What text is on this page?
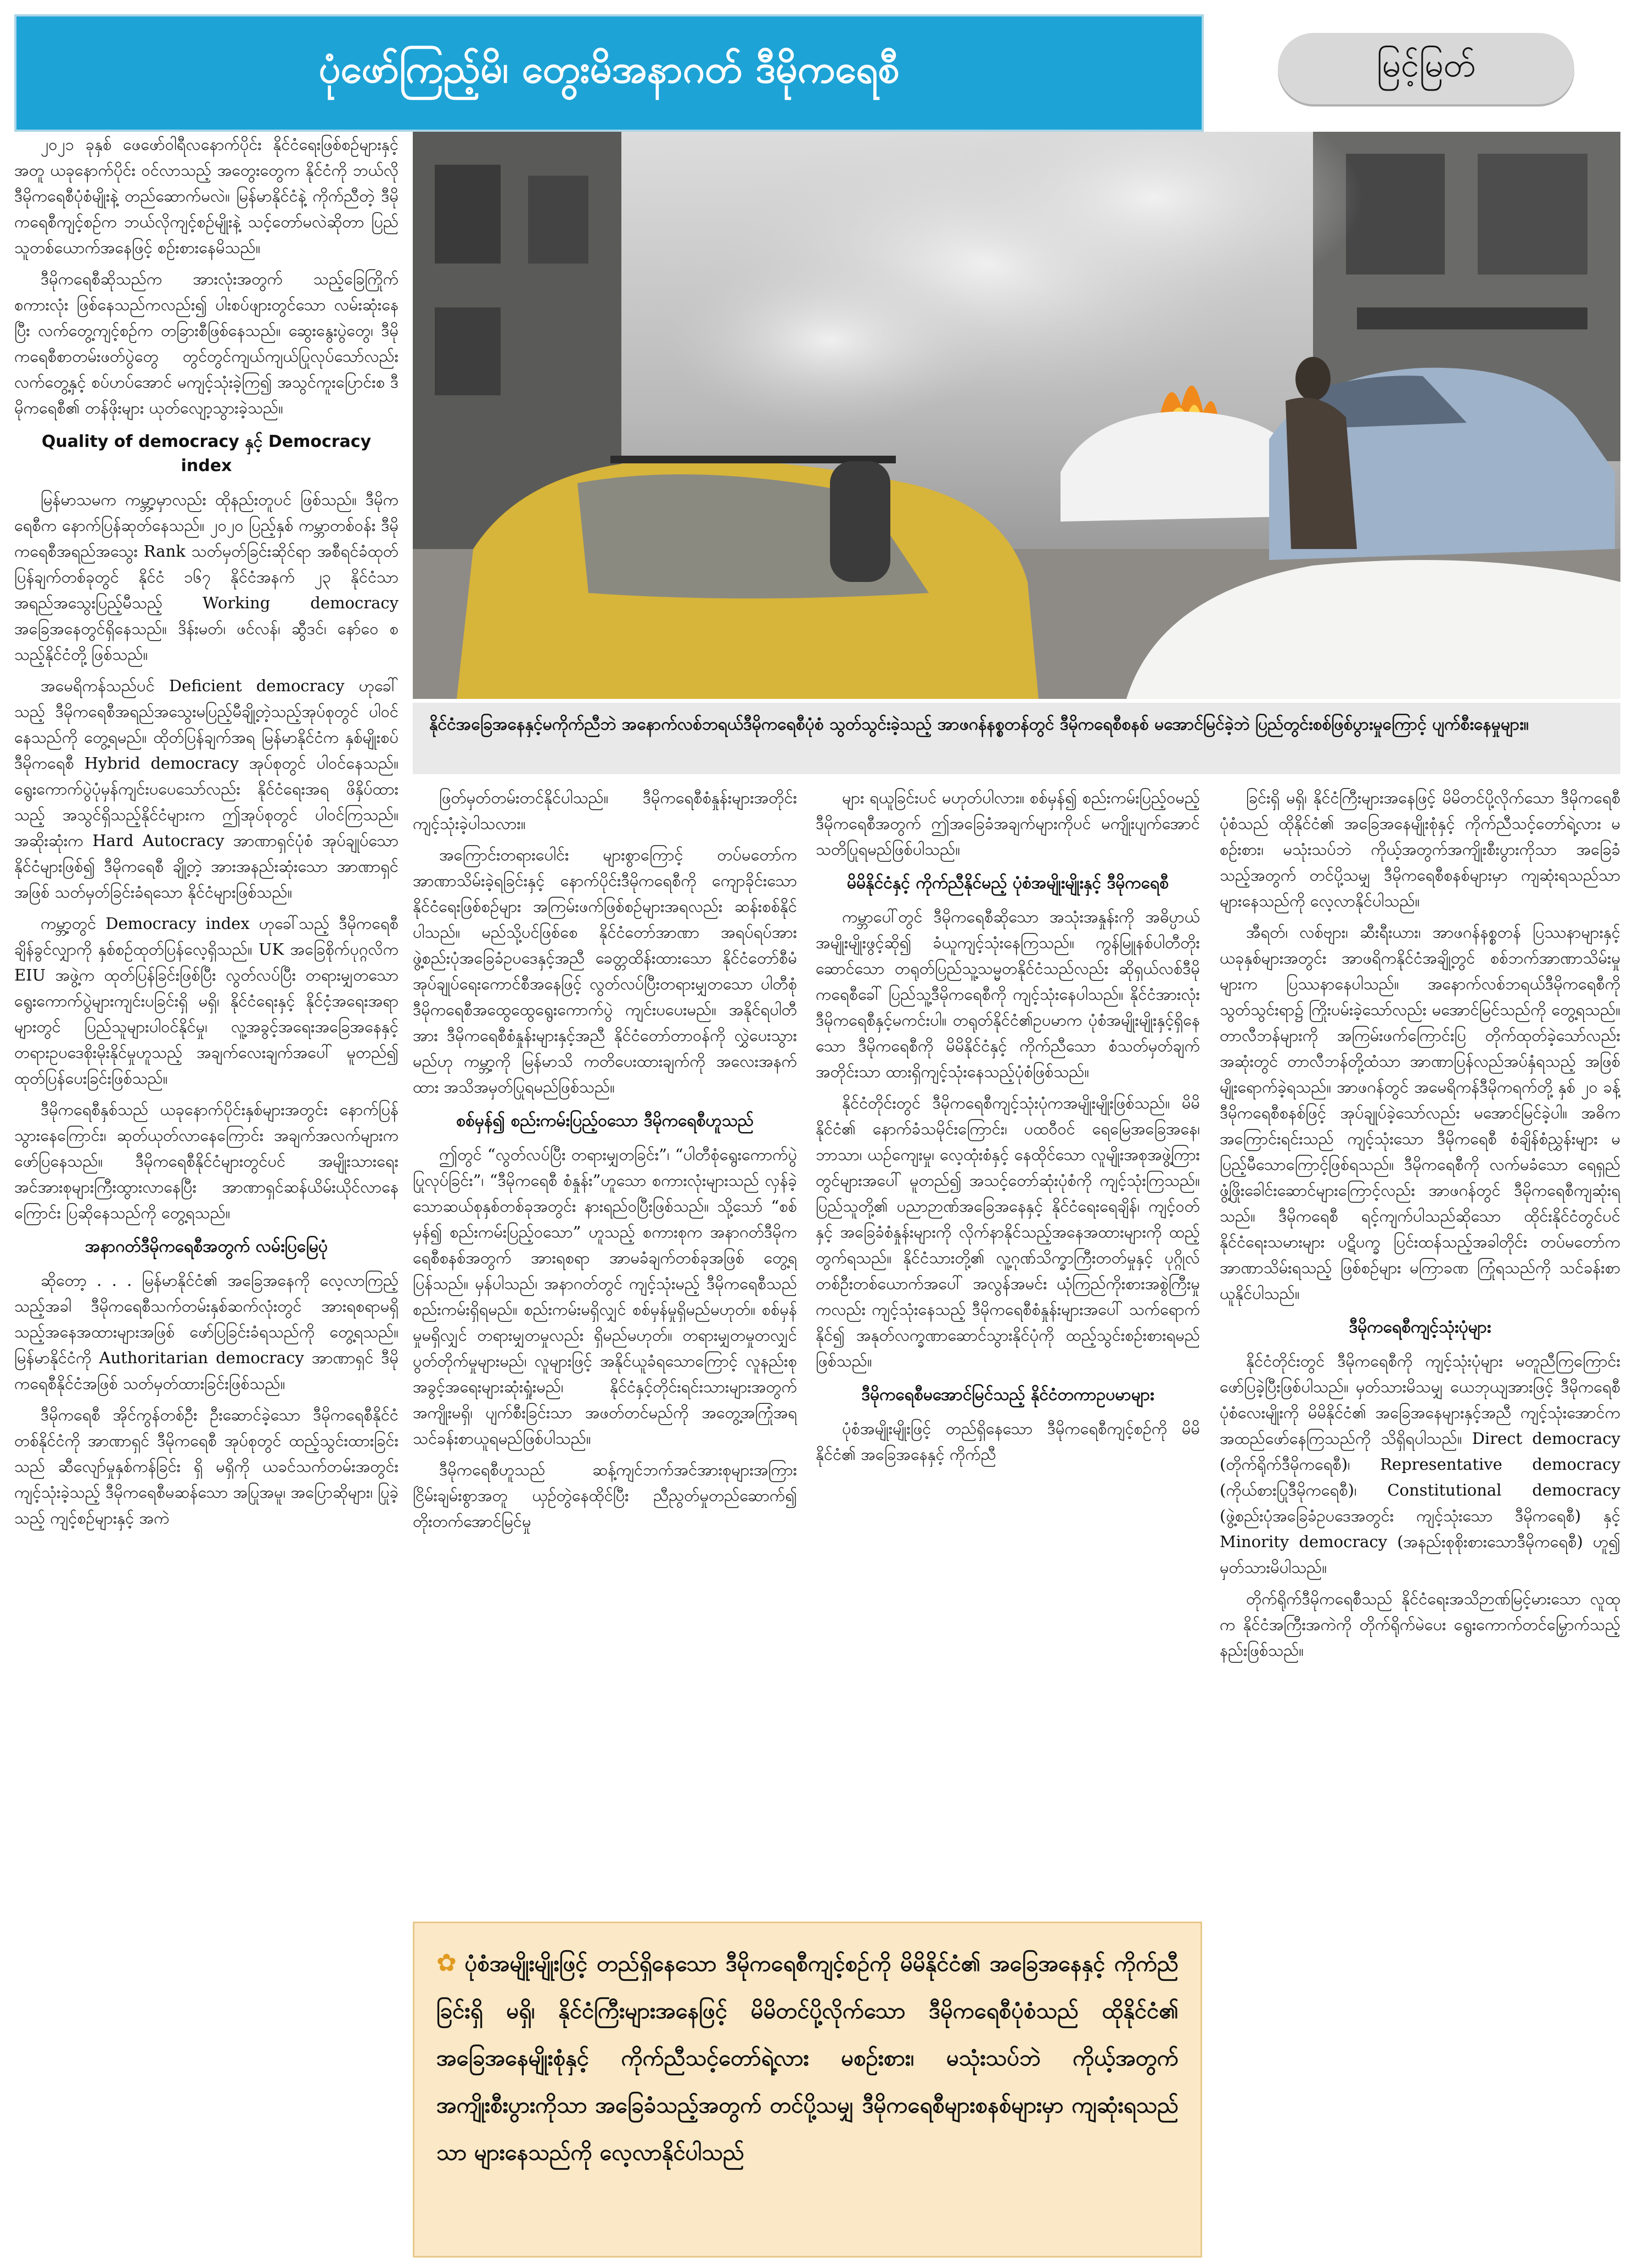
ပုံဖော်ကြည့်မိ၊ တွေးမိအနာဂတ် ဒီမိုကရေစီ	မြင့်မြတ်

၂၀၂၁ ခုနှစ် ဖေဖော်ဝါရီလနောက်ပိုင်း နိုင်ငံရေးဖြစ်စဉ်များနှင့်အတူ ယခုနောက်ပိုင်း ဝင်လာသည့် အတွေးတွေက နိုင်ငံကို ဘယ်လိုဒီမိုကရေစီပုံစံမျိုးနဲ့ တည်ဆောက်မလဲ။ မြန်မာနိုင်ငံနဲ့ ကိုက်ညီတဲ့ ဒီမိုကရေစီကျင့်စဉ်က ဘယ်လိုကျင့်စဉ်မျိုးနဲ့ သင့်တော်မလဲဆိုတာ ပြည်သူတစ်ယောက်အနေဖြင့် စဉ်းစားနေမိသည်။

ဒီမိုကရေစီဆိုသည်က အားလုံးအတွက် သည့်ခြေကြိုက်စကားလုံး ဖြစ်နေသည်ကလည်း၍ ပါးစပ်ဖျားတွင်သော လမ်းဆုံးနေပြီး လက်တွေ့ကျင့်စဉ်က တခြားစီဖြစ်နေသည်။ ဆွေးနွေးပွဲတွေ၊ ဒီမိုကရေစီစာတမ်းဖတ်ပွဲတွေ တွင်တွင်ကျယ်ကျယ်ပြုလုပ်သော်လည်း လက်တွေ့နှင့် စပ်ဟပ်အောင် မကျင့်သုံးခဲ့ကြ၍ အသွင်ကူးပြောင်းစ ဒီမိုကရေစီ၏ တန်ဖိုးများ ယုတ်လျော့သွားခဲ့သည်။

Quality of democracy နှင့် Democracy index

မြန်မာသမက ကမ္ဘာ့မှာလည်း ထိုနည်းတူပင် ဖြစ်သည်။ ဒီမိုကရေစီက နောက်ပြန်ဆုတ်နေသည်။ ၂၀၂၀ ပြည့်နှစ် ကမ္ဘာတစ်ဝန်း ဒီမိုကရေစီအရည်အသွေး Rank သတ်မှတ်ခြင်းဆိုင်ရာ အစီရင်ခံထုတ်ပြန်ချက်တစ်ခုတွင် နိုင်ငံ ၁၆၇ နိုင်ငံအနက် ၂၃ နိုင်ငံသာ အရည်အသွေးပြည့်မီသည့် Working democracy အခြေအနေတွင်ရှိနေသည်။ ဒိန်းမတ်၊ ဖင်လန်၊ ဆွီဒင်၊ နော်ဝေ စသည့်နိုင်ငံတို့ ဖြစ်သည်။

အမေရိကန်သည်ပင် Deficient democracy ဟုခေါ်သည့် ဒီမိုကရေစီအရည်အသွေးမပြည့်မီချို့တဲ့သည့်အုပ်စုတွင် ပါဝင်နေသည်ကို တွေ့ရမည်။ ထိုတ်ပြန်ချက်အရ မြန်မာနိုင်ငံက နှစ်မျိုးစပ် ဒီမိုကရေစီ Hybrid democracy အုပ်စုတွင် ပါဝင်နေသည်။ ရွေးကောက်ပွဲပုံမှန်ကျင်းပပေသော်လည်း နိုင်ငံရေးအရ ဖိနှိပ်ထားသည့် အသွင်ရှိသည့်နိုင်ငံများက ဤအုပ်စုတွင် ပါဝင်ကြသည်။ အဆိုးဆုံးက Hard Autocracy အာဏာရှင်ပုံစံ အုပ်ချုပ်သောနိုင်ငံများဖြစ်၍ ဒီမိုကရေစီ ချို့တဲ့ အားအနည်းဆုံးသော အာဏာရှင်အဖြစ် သတ်မှတ်ခြင်းခံရသော နိုင်ငံများဖြစ်သည်။

ကမ္ဘာ့တွင် Democracy index ဟုခေါ်သည့် ဒီမိုကရေစီချိန်ခွင်လျှာကို နှစ်စဉ်ထုတ်ပြန်လေ့ရှိသည်။ UK အခြေစိုက်ပုဂ္ဂလိက EIU အဖွဲ့က ထုတ်ပြန်ခြင်းဖြစ်ပြီး လွတ်လပ်ပြီး တရားမျှတသော ရွေးကောက်ပွဲများကျင်းပခြင်းရှိ မရှိ၊ နိုင်ငံရေးနှင့် နိုင်ငံ့အရေးအရာများတွင် ပြည်သူများပါဝင်နိုင်မှု၊ လူ့အခွင့်အရေးအခြေအနေနှင့် တရားဥပဒေစိုးမိုးနိုင်မှုဟူသည့် အချက်လေးချက်အပေါ် မူတည်၍ ထုတ်ပြန်ပေးခြင်းဖြစ်သည်။

ဒီမိုကရေစီနှစ်သည် ယခုနောက်ပိုင်းနှစ်များအတွင်း နောက်ပြန်သွားနေကြောင်း၊ ဆုတ်ယုတ်လာနေကြောင်း အချက်အလက်များက ဖော်ပြနေသည်။ ဒီမိုကရေစီနိုင်ငံများတွင်ပင် အမျိုးသားရေးအင်အားစုများကြီးထွားလာနေပြီး အာဏာရှင်ဆန်ယိမ်းယိုင်လာနေကြောင်း ပြဆိုနေသည်ကို တွေ့ရသည်။

အနာဂတ်ဒီမိုကရေစီအတွက် လမ်းပြမြေပုံ

ဆိုတော့ . . . မြန်မာနိုင်ငံ၏ အခြေအနေကို လေ့လာကြည့်သည့်အခါ ဒီမိုကရေစီသက်တမ်းနှစ်ဆက်လုံးတွင် အားရစရာမရှိသည့်အနေအထားများအဖြစ် ဖော်ပြခြင်းခံရသည်ကို တွေ့ရသည်။ မြန်မာနိုင်ငံကို Authoritarian democracy အာဏာရှင် ဒီမိုကရေစီနိုင်ငံအဖြစ် သတ်မှတ်ထားခြင်းဖြစ်သည်။

ဒီမိုကရေစီ အိုင်ကွန်တစ်ဦး ဦးဆောင်ခဲ့သော ဒီမိုကရေစီနိုင်ငံတစ်နိုင်ငံကို အာဏာရှင် ဒီမိုကရေစီ အုပ်စုတွင် ထည့်သွင်းထားခြင်းသည် ဆီလျော်မှုနှစ်ကန်ခြင်း ရှိ မရှိကို ယခင်သက်တမ်းအတွင်း ကျင့်သုံးခဲ့သည့် ဒီမိုကရေစီမဆန်သော အပြုအမူ၊ အပြောဆိုများ၊ ပြုခဲ့သည့် ကျင့်စဉ်များနှင့် အကဲ

နိုင်ငံအခြေအနေနှင့်မကိုက်ညီဘဲ အနောက်လစ်ဘရယ်ဒီမိုကရေစီပုံစံ သွတ်သွင်းခဲ့သည့် အာဖဂန်နစ္စတန်တွင် ဒီမိုကရေစီစနစ် မအောင်မြင်ခဲ့ဘဲ ပြည်တွင်းစစ်ဖြစ်ပွားမှုကြောင့် ပျက်စီးနေမှုများ။

ဖြတ်မှတ်တမ်းတင်နိုင်ပါသည်။ ဒီမိုကရေစီစံနှုန်းများအတိုင်း ကျင့်သုံးခဲ့ပါသလား။

အကြောင်းတရားပေါင်း များစွာကြောင့် တပ်မတော်က အာဏာသိမ်းခဲ့ရခြင်းနှင့် နောက်ပိုင်းဒီမိုကရေစီကို ကျောခိုင်းသော နိုင်ငံရေးဖြစ်စဉ်များ အကြမ်းဖက်ဖြစ်စဉ်များအရလည်း ဆန်းစစ်နိုင်ပါသည်။ မည်သို့ပင်ဖြစ်စေ နိုင်ငံတော်အာဏာ အရပ်ရပ်အား ဖွဲ့စည်းပုံအခြေခံဥပဒေနှင့်အညီ ခေတ္တထိန်းထားသော နိုင်ငံတော်စီမံအုပ်ချုပ်ရေးကောင်စီအနေဖြင့် လွတ်လပ်ပြီးတရားမျှတသော ပါတီစုံဒီမိုကရေစီအထွေထွေရွေးကောက်ပွဲ ကျင်းပပေးမည်။ အနိုင်ရပါတီအား ဒီမိုကရေစီစံနှုန်းများနှင့်အညီ နိုင်ငံတော်တာဝန်ကို လွှဲပေးသွားမည်ဟု ကမ္ဘာ့ကို မြန်မာသိ ကတိပေးထားချက်ကို အလေးအနက်ထား အသိအမှတ်ပြုရမည်ဖြစ်သည်။

စစ်မှန်၍ စည်းကမ်းပြည့်ဝသော ဒီမိုကရေစီဟူသည်

ဤတွင် “လွတ်လပ်ပြီး တရားမျှတခြင်း”၊ “ပါတီစုံရွေးကောက်ပွဲပြုလုပ်ခြင်း”၊ “ဒီမိုကရေစီ စံနှုန်း”ဟူသော စကားလုံးများသည် လှန်ခဲ့သောဆယ်စုနှစ်တစ်ခုအတွင်း နားရည်ဝပြီးဖြစ်သည်။ သို့သော် “စစ်မှန်၍ စည်းကမ်းပြည့်ဝသော” ဟူသည့် စကားစုက အနာဂတ်ဒီမိုကရေစီစနစ်အတွက် အားရစရာ အာမခံချက်တစ်ခုအဖြစ် တွေ့ရပြန်သည်။ မှန်ပါသည်၊ အနာဂတ်တွင် ကျင့်သုံးမည့် ဒီမိုကရေစီသည် စည်းကမ်းရှိရမည်။ စည်းကမ်းမရှိလျှင် စစ်မှန်မှုရှိမည်မဟုတ်။ စစ်မှန်မှုမရှိလျှင် တရားမျှတမှုလည်း ရှိမည်မဟုတ်။ တရားမျှတမှုတလျှင် ပွတ်တိုက်မှုများမည်၊ လူများဖြင့် အနိုင်ယူခံရသောကြောင့် လူနည်းစုအခွင့်အရေးများဆုံးရှုံးမည်၊ နိုင်ငံနှင့်တိုင်းရင်းသားများအတွက် အကျိုးမရှိ၊ ပျက်စီးခြင်းသာ အဖတ်တင်မည်ကို အတွေ့အကြုံအရ သင်ခန်းစာယူရမည်ဖြစ်ပါသည်။

ဒီမိုကရေစီဟူသည် ဆန့်ကျင်ဘက်အင်အားစုများအကြား ငြိမ်းချမ်းစွာအတူ ယှဉ်တွဲနေထိုင်ပြီး ညီညွတ်မှုတည်ဆောက်၍ တိုးတက်အောင်မြင်မှု

များ ရယူခြင်းပင် မဟုတ်ပါလား။ စစ်မှန်၍ စည်းကမ်းပြည့်ဝမည့် ဒီမိုကရေစီအတွက် ဤအခြေခံအချက်များကိုပင် မကျိုးပျက်အောင် သတိပြုရမည်ဖြစ်ပါသည်။

မိမိနိုင်ငံနှင့် ကိုက်ညီနိုင်မည့် ပုံစံအမျိုးမျိုးနှင့် ဒီမိုကရေစီ

ကမ္ဘာပေါ်တွင် ဒီမိုကရေစီဆိုသော အသုံးအနှုန်းကို အဓိပ္ပာယ်အမျိုးမျိုးဖွင့်ဆို၍ ခံယူကျင့်သုံးနေကြသည်။ ကွန်မြူနစ်ပါတီတိုးဆောင်သော တရုတ်ပြည်သူ့သမ္မတနိုင်ငံသည်လည်း ဆိုရှယ်လစ်ဒီမိုကရေစီခေါ် ပြည်သူ့ဒီမိုကရေစီကို ကျင့်သုံးနေပါသည်။ နိုင်ငံအားလုံး ဒီမိုကရေစီနှင့်မကင်းပါ။ တရုတ်နိုင်ငံ၏ဥပမာက ပုံစံအမျိုးမျိုးနှင့်ရှိနေသော ဒီမိုကရေစီကို မိမိနိုင်ငံနှင့် ကိုက်ညီသော စံသတ်မှတ်ချက်အတိုင်းသာ ထားရှိကျင့်သုံးနေသည့်ပုံစံဖြစ်သည်။

နိုင်ငံတိုင်းတွင် ဒီမိုကရေစီကျင့်သုံးပုံကအမျိုးမျိုးဖြစ်သည်။ မိမိနိုင်ငံ၏ နောက်ခံသမိုင်းကြောင်း၊ ပထဝီဝင် ရေမြေအခြေအနေ၊ ဘာသာ၊ ယဉ်ကျေးမှု၊ လေ့ထုံးစံနှင့် နေထိုင်သော လူမျိုးအစုအဖွဲ့ကြားတွင်များအပေါ် မူတည်၍ အသင့်တော်ဆုံးပုံစံကို ကျင့်သုံးကြသည်။ ပြည်သူတို့၏ ပညာဉာဏ်အခြေအနေနှင့် နိုင်ငံရေးရေချိန်၊ ကျင့်ဝတ်နှင့် အခြေခံစံနှုန်းများကို လိုက်နာနိုင်သည့်အနေအထားများကို ထည့်တွက်ရသည်။ နိုင်ငံသားတို့၏ လူ့ဂုဏ်သိက္ခာကြီးတတ်မှုနှင့် ပုဂ္ဂိုလ်တစ်ဦးတစ်ယောက်အပေါ် အလွန်အမင်း ယုံကြည်ကိုးစားအစွဲကြီးမှုကလည်း ကျင့်သုံးနေသည့် ဒီမိုကရေစီစံနှုန်းများအပေါ် သက်ရောက်နိုင်၍ အနုတ်လက္ခဏာဆောင်သွားနိုင်ပုံကို ထည့်သွင်းစဉ်းစားရမည်ဖြစ်သည်။

ဒီမိုကရေစီမအောင်မြင်သည့် နိုင်ငံတကာဥပမာများ

ပုံစံအမျိုးမျိုးဖြင့် တည်ရှိနေသော ဒီမိုကရေစီကျင့်စဉ်ကို မိမိနိုင်ငံ၏ အခြေအနေနှင့် ကိုက်ညီ

ခြင်းရှိ မရှိ၊ နိုင်ငံကြီးများအနေဖြင့် မိမိတင်ပို့လိုက်သော ဒီမိုကရေစီပုံစံသည် ထိုနိုင်ငံ၏ အခြေအနေမျိုးစုံနှင့် ကိုက်ညီသင့်တော်ရဲ့လား မစဉ်းစား၊ မသုံးသပ်ဘဲ ကိုယ့်အတွက်အကျိုးစီးပွားကိုသာ အခြေခံသည့်အတွက် တင်ပို့သမျှ ဒီမိုကရေစီစနစ်များမှာ ကျဆုံးရသည်သာ များနေသည်ကို လေ့လာနိုင်ပါသည်။

အီရတ်၊ လစ်ဗျား၊ ဆီးရီးယား၊ အာဖဂန်နစ္စတန် ပြဿနာများနှင့် ယခုနှစ်များအတွင်း အာဖရိကနိုင်ငံအချို့တွင် စစ်ဘက်အာဏာသိမ်းမှုများက ပြဿနာနေပါသည်။ အနောက်လစ်ဘရယ်ဒီမိုကရေစီကို သွတ်သွင်းရာ၌ ကြိုးပမ်းခဲ့သော်လည်း မအောင်မြင်သည်ကို တွေ့ရသည်။ တာလီဘန်များကို အကြမ်းဖက်ကြောင်းပြ တိုက်ထုတ်ခဲ့သော်လည်း အဆုံးတွင် တာလီဘန်တို့ထံသာ အာဏာပြန်လည်အပ်နှံရသည့် အဖြစ်မျိုးရောက်ခဲ့ရသည်။ အာဖဂန်တွင် အမေရိကန်ဒီမိုကရက်တို့ နှစ် ၂၀ ခန့် ဒီမိုကရေစီစနစ်ဖြင့် အုပ်ချုပ်ခဲ့သော်လည်း မအောင်မြင်ခဲ့ပါ။ အဓိကအကြောင်းရင်းသည် ကျင့်သုံးသော ဒီမိုကရေစီ စံချိန်စံညွှန်းများ မပြည့်မီသောကြောင့်ဖြစ်ရသည်။ ဒီမိုကရေစီကို လက်မခံသော ရေရှည်ဖွံ့ဖြိုးခေါင်းဆောင်များကြောင့်လည်း အာဖဂန်တွင် ဒီမိုကရေစီကျဆုံးရသည်။ ဒီမိုကရေစီ ရင့်ကျက်ပါသည်ဆိုသော ထိုင်းနိုင်ငံတွင်ပင် နိုင်ငံရေးသမားများ ပဋိပက္ခ ပြင်းထန်သည့်အခါတိုင်း တပ်မတော်က အာဏာသိမ်းရသည့် ဖြစ်စဉ်များ မကြာခဏ ကြုံရသည်ကို သင်ခန်းစာယူနိုင်ပါသည်။

ဒီမိုကရေစီကျင့်သုံးပုံများ

နိုင်ငံတိုင်းတွင် ဒီမိုကရေစီကို ကျင့်သုံးပုံများ မတူညီကြကြောင်း ဖော်ပြခဲ့ပြီးဖြစ်ပါသည်။ မှတ်သားမိသမျှ ယေဘုယျအားဖြင့် ဒီမိုကရေစီပုံစံလေးမျိုးကို မိမိနိုင်ငံ၏ အခြေအနေများနှင့်အညီ ကျင့်သုံးအောင်ကအထည်ဖော်နေကြသည်ကို သိရှိရပါသည်။ Direct democracy (တိုက်ရိုက်ဒီမိုကရေစီ)၊ Representative democracy (ကိုယ်စားပြုဒီမိုကရေစီ)၊ Constitutional democracy (ဖွဲ့စည်းပုံအခြေခံဥပဒေအတွင်း ကျင့်သုံးသော ဒီမိုကရေစီ) နှင့် Minority democracy (အနည်းစုစိုးစားသောဒီမိုကရေစီ) ဟူ၍ မှတ်သားမိပါသည်။

တိုက်ရိုက်ဒီမိုကရေစီသည် နိုင်ငံရေးအသိဉာဏ်မြင့်မားသော လူထုက နိုင်ငံအကြီးအကဲကို တိုက်ရိုက်မဲပေး ရွေးကောက်တင်မြှောက်သည့် နည်းဖြစ်သည်။

✿ ပုံစံအမျိုးမျိုးဖြင့် တည်ရှိနေသော ဒီမိုကရေစီကျင့်စဉ်ကို မိမိနိုင်ငံ၏ အခြေအနေနှင့် ကိုက်ညီခြင်းရှိ မရှိ၊ နိုင်ငံကြီးများအနေဖြင့် မိမိတင်ပို့လိုက်သော ဒီမိုကရေစီပုံစံသည် ထိုနိုင်ငံ၏ အခြေအနေမျိုးစုံနှင့် ကိုက်ညီသင့်တော်ရဲ့လား မစဉ်းစား၊ မသုံးသပ်ဘဲ ကိုယ့်အတွက် အကျိုးစီးပွားကိုသာ အခြေခံသည့်အတွက် တင်ပို့သမျှ ဒီမိုကရေစီများစနစ်များမှာ ကျဆုံးရသည်သာ များနေသည်ကို လေ့လာနိုင်ပါသည်
